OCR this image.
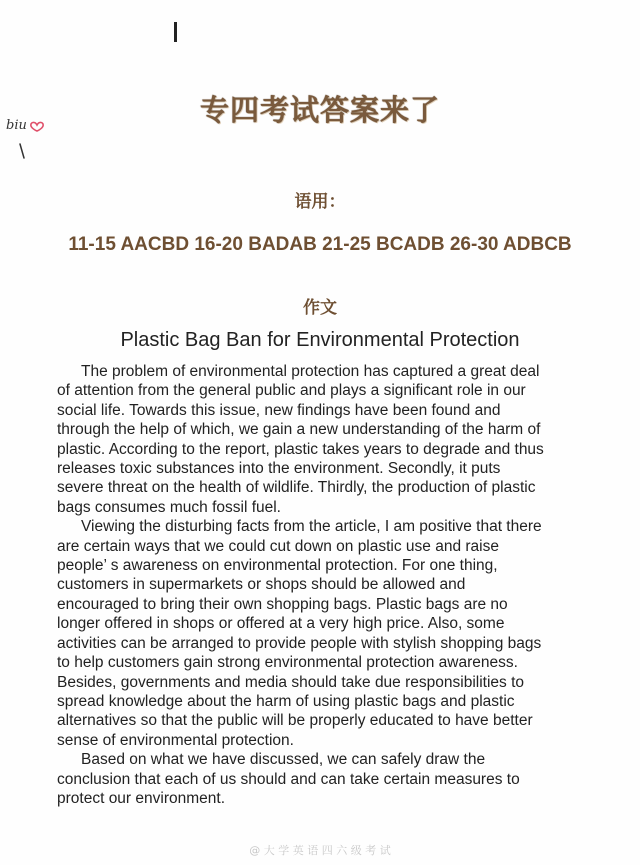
biu	专四考试答案来了
语用：
11-15 AACBD 16-20 BADAB 21-25 BCADB 26-30 ADBCB
作文
Plastic Bag Ban for Environmental Protection

The problem of environmental protection has captured a great deal

of attention from the general public and plays a significant role in our

social life. Towards this issue, new findings have been found and

through the help of which, we gain a new understanding of the harm of

plastic. According to the report, plastic takes years to degrade and thus

releases toxic substances into the environment. Secondly, it puts

severe threat on the health of wildlife. Thirdly, the production of plastic

bags consumes much fossil fuel.

Viewing the disturbing facts from the article, I am positive that there

are certain ways that we could cut down on plastic use and raise

people’ s awareness on environmental protection. For one thing,

customers in supermarkets or shops should be allowed and

encouraged to bring their own shopping bags. Plastic bags are no

longer offered in shops or offered at a very high price. Also, some

activities can be arranged to provide people with stylish shopping bags

to help customers gain strong environmental protection awareness.

Besides, governments and media should take due responsibilities to

spread knowledge about the harm of using plastic bags and plastic

alternatives so that the public will be properly educated to have better

sense of environmental protection.

Based on what we have discussed, we can safely draw the

conclusion that each of us should and can take certain measures to

protect our environment.

@ 大 学 英 语 四 六 级 考 试
